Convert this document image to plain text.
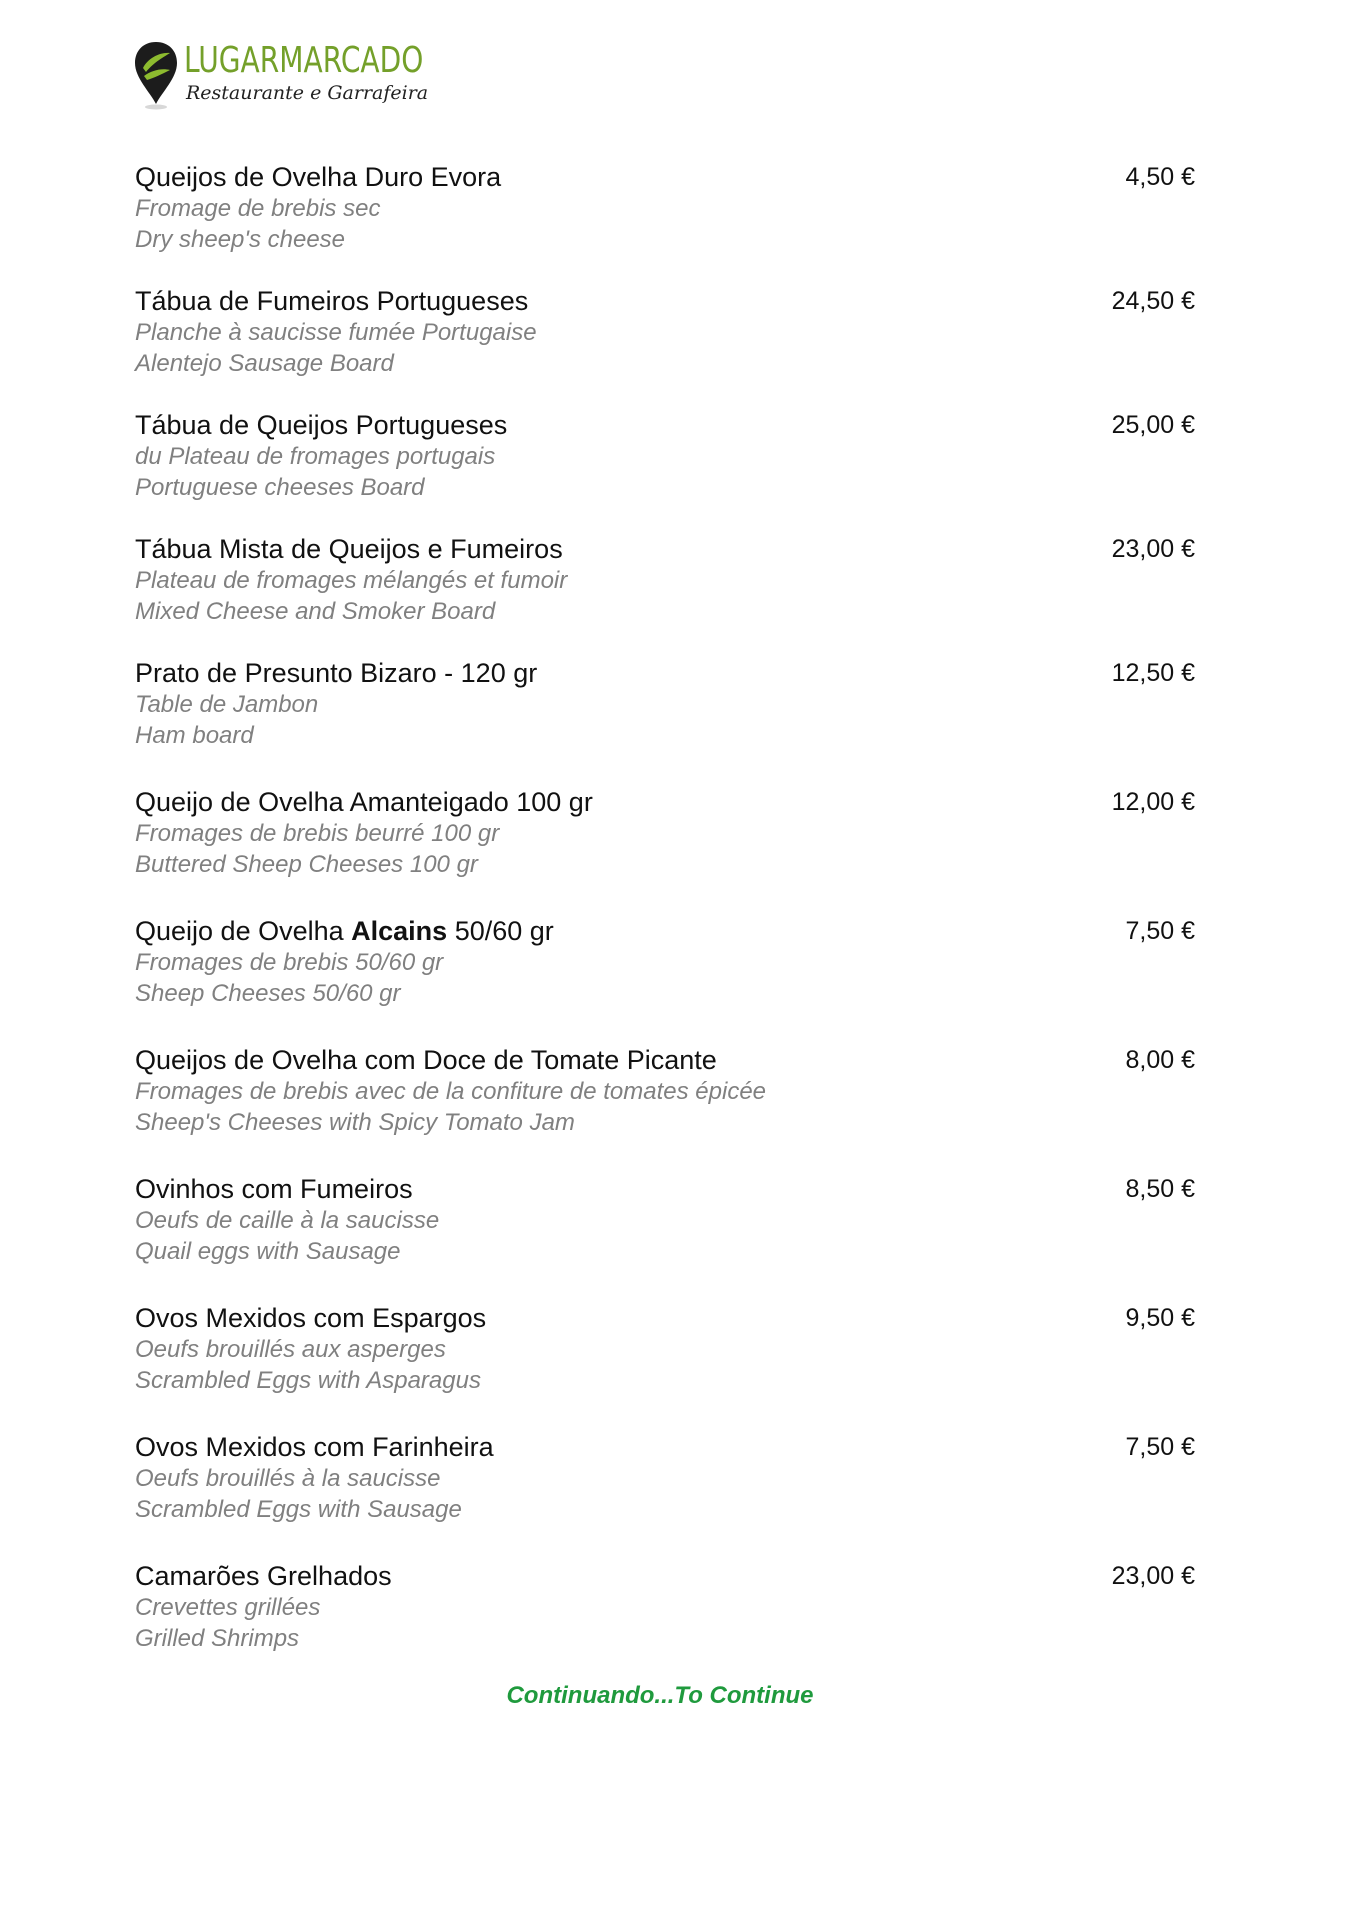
LUGARMARCADO
Restaurante e Garrafeira
Queijos de Ovelha Duro Evora
Fromage de brebis sec
Dry sheep's cheese
4,50 €
Tábua de Fumeiros Portugueses
Planche à saucisse fumée Portugaise
Alentejo Sausage Board
24,50 €
Tábua de Queijos Portugueses
du Plateau de fromages portugais
Portuguese cheeses Board
25,00 €
Tábua Mista de Queijos e Fumeiros
Plateau de fromages mélangés et fumoir
Mixed Cheese and Smoker Board
23,00 €
Prato de Presunto Bizaro - 120 gr
Table de Jambon
Ham board
12,50 €
Queijo de Ovelha Amanteigado 100 gr
Fromages de brebis beurré 100 gr
Buttered Sheep Cheeses 100 gr
12,00 €
Queijo de Ovelha Alcains 50/60 gr
Fromages de brebis 50/60 gr
Sheep Cheeses 50/60 gr
7,50 €
Queijos de Ovelha com Doce de Tomate Picante
Fromages de brebis avec de la confiture de tomates épicée
Sheep's Cheeses with Spicy Tomato Jam
8,00 €
Ovinhos com Fumeiros
Oeufs de caille à la saucisse
Quail eggs with Sausage
8,50 €
Ovos Mexidos com Espargos
Oeufs brouillés aux asperges
Scrambled Eggs with Asparagus
9,50 €
Ovos Mexidos com Farinheira
Oeufs brouillés à la saucisse
Scrambled Eggs with Sausage
7,50 €
Camarões Grelhados
Crevettes grillées
Grilled Shrimps
23,00 €
Continuando...To Continue
